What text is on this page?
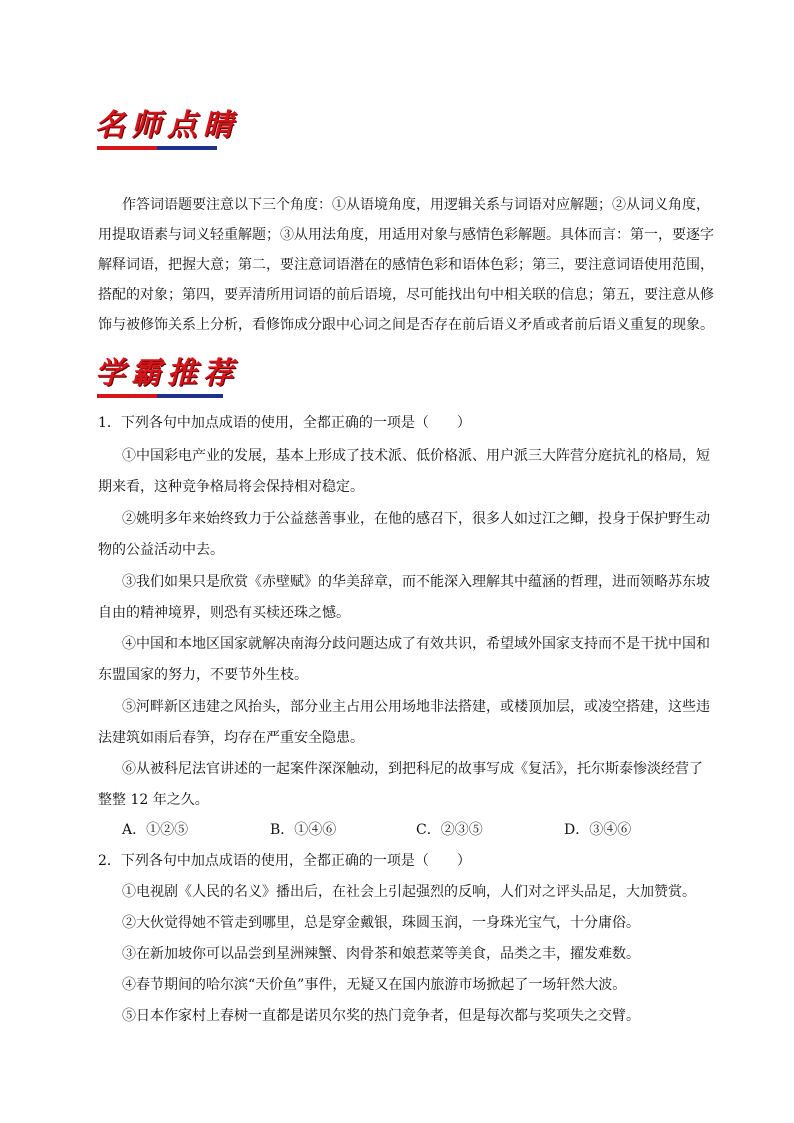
名师点睛
作答词语题要注意以下三个角度：①从语境角度，用逻辑关系与词语对应解题；②从词义角度，
用提取语素与词义轻重解题；③从用法角度，用适用对象与感情色彩解题。具体而言：第一，要逐字
解释词语，把握大意；第二，要注意词语潜在的感情色彩和语体色彩；第三，要注意词语使用范围，
搭配的对象；第四，要弄清所用词语的前后语境，尽可能找出句中相关联的信息；第五，要注意从修
饰与被修饰关系上分析，看修饰成分跟中心词之间是否存在前后语义矛盾或者前后语义重复的现象。
学霸推荐
1．下列各句中加点成语的使用，全都正确的一项是（　　）
①中国彩电产业的发展，基本上形成了技术派、低价格派、用户派三大阵营分庭抗礼的格局，短
期来看，这种竞争格局将会保持相对稳定。
②姚明多年来始终致力于公益慈善事业，在他的感召下，很多人如过江之鲫，投身于保护野生动
物的公益活动中去。
③我们如果只是欣赏《赤壁赋》的华美辞章，而不能深入理解其中蕴涵的哲理，进而领略苏东坡
自由的精神境界，则恐有买椟还珠之憾。
④中国和本地区国家就解决南海分歧问题达成了有效共识，希望域外国家支持而不是干扰中国和
东盟国家的努力，不要节外生枝。
⑤河畔新区违建之风抬头，部分业主占用公用场地非法搭建，或楼顶加层，或凌空搭建，这些违
法建筑如雨后春笋，均存在严重安全隐患。
⑥从被科尼法官讲述的一起案件深深触动，到把科尼的故事写成《复活》，托尔斯泰惨淡经营了
整整 12 年之久。
A．①②⑤	B．①④⑥	C．②③⑤	D．③④⑥
2．下列各句中加点成语的使用，全都正确的一项是（　　）
①电视剧《人民的名义》播出后，在社会上引起强烈的反响，人们对之评头品足，大加赞赏。
②大伙觉得她不管走到哪里，总是穿金戴银，珠圆玉润，一身珠光宝气，十分庸俗。
③在新加坡你可以品尝到星洲辣蟹、肉骨茶和娘惹菜等美食，品类之丰，擢发难数。
④春节期间的哈尔滨“天价鱼”事件，无疑又在国内旅游市场掀起了一场轩然大波。
⑤日本作家村上春树一直都是诺贝尔奖的热门竞争者，但是每次都与奖项失之交臂。
